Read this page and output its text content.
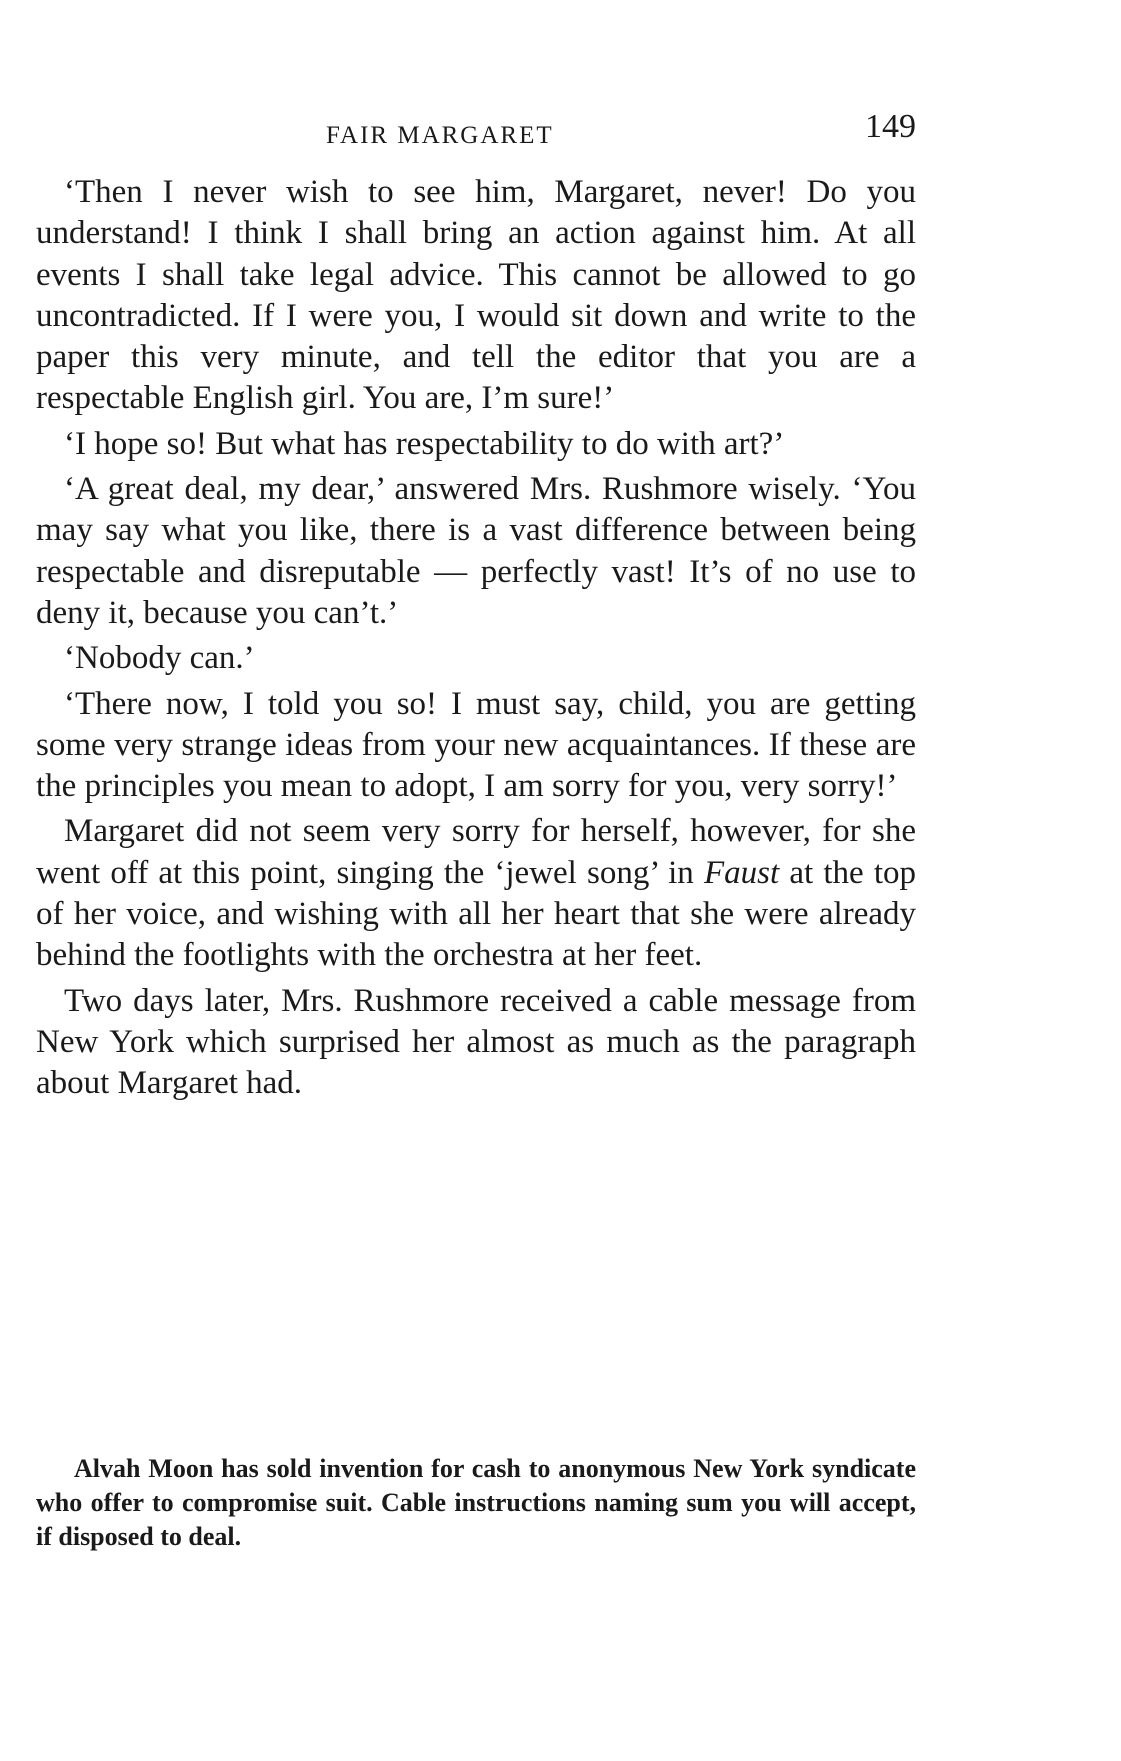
FAIR MARGARET	149

‘Then I never wish to see him, Margaret, never! Do you understand! I think I shall bring an action against him. At all events I shall take legal advice. This cannot be allowed to go uncontradicted. If I were you, I would sit down and write to the paper this very minute, and tell the editor that you are a respectable English girl. You are, I’m sure!’

‘I hope so! But what has respectability to do with art?’

‘A great deal, my dear,’ answered Mrs. Rushmore wisely. ‘You may say what you like, there is a vast difference between being respectable and disreputable — perfectly vast! It’s of no use to deny it, because you can’t.’

‘Nobody can.’

‘There now, I told you so! I must say, child, you are getting some very strange ideas from your new acquaintances. If these are the principles you mean to adopt, I am sorry for you, very sorry!’

Margaret did not seem very sorry for herself, however, for she went off at this point, singing the ‘jewel song’ in Faust at the top of her voice, and wishing with all her heart that she were already behind the footlights with the orchestra at her feet.

Two days later, Mrs. Rushmore received a cable message from New York which surprised her almost as much as the paragraph about Margaret had.

Alvah Moon has sold invention for cash to anonymous New York syndicate who offer to compromise suit. Cable instructions naming sum you will accept, if disposed to deal.
